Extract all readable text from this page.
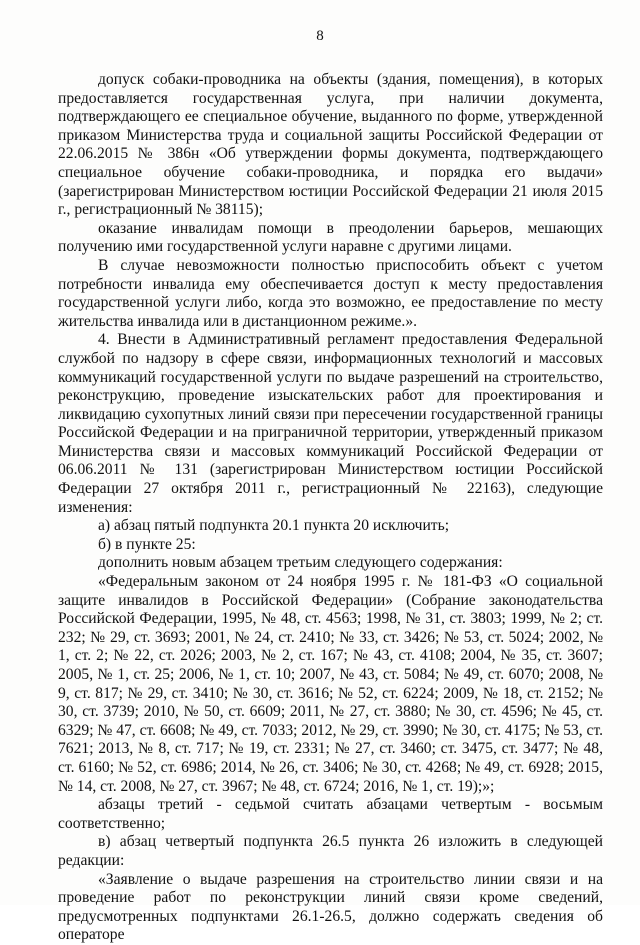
8

допуск собаки-проводника на объекты (здания, помещения), в которых предоставляется государственная услуга, при наличии документа, подтверждающего ее специальное обучение, выданного по форме, утвержденной приказом Министерства труда и социальной защиты Российской Федерации от 22.06.2015 № 386н «Об утверждении формы документа, подтверждающего специальное обучение собаки-проводника, и порядка его выдачи» (зарегистрирован Министерством юстиции Российской Федерации 21 июля 2015 г., регистрационный № 38115);

оказание инвалидам помощи в преодолении барьеров, мешающих получению ими государственной услуги наравне с другими лицами.

В случае невозможности полностью приспособить объект с учетом потребности инвалида ему обеспечивается доступ к месту предоставления государственной услуги либо, когда это возможно, ее предоставление по месту жительства инвалида или в дистанционном режиме.».

4. Внести в Административный регламент предоставления Федеральной службой по надзору в сфере связи, информационных технологий и массовых коммуникаций государственной услуги по выдаче разрешений на строительство, реконструкцию, проведение изыскательских работ для проектирования и ликвидацию сухопутных линий связи при пересечении государственной границы Российской Федерации и на приграничной территории, утвержденный приказом Министерства связи и массовых коммуникаций Российской Федерации от 06.06.2011 № 131 (зарегистрирован Министерством юстиции Российской Федерации 27 октября 2011 г., регистрационный № 22163), следующие изменения:

а) абзац пятый подпункта 20.1 пункта 20 исключить;

б) в пункте 25:

дополнить новым абзацем третьим следующего содержания:

«Федеральным законом от 24 ноября 1995 г. № 181-ФЗ «О социальной защите инвалидов в Российской Федерации» (Собрание законодательства Российской Федерации, 1995, № 48, ст. 4563; 1998, № 31, ст. 3803; 1999, № 2; ст. 232; № 29, ст. 3693; 2001, № 24, ст. 2410; № 33, ст. 3426; № 53, ст. 5024; 2002, № 1, ст. 2; № 22, ст. 2026; 2003, № 2, ст. 167; № 43, ст. 4108; 2004, № 35, ст. 3607; 2005, № 1, ст. 25; 2006, № 1, ст. 10; 2007, № 43, ст. 5084; № 49, ст. 6070; 2008, № 9, ст. 817; № 29, ст. 3410; № 30, ст. 3616; № 52, ст. 6224; 2009, № 18, ст. 2152; № 30, ст. 3739; 2010, № 50, ст. 6609; 2011, № 27, ст. 3880; № 30, ст. 4596; № 45, ст. 6329; № 47, ст. 6608; № 49, ст. 7033; 2012, № 29, ст. 3990; № 30, ст. 4175; № 53, ст. 7621; 2013, № 8, ст. 717; № 19, ст. 2331; № 27, ст. 3460; ст. 3475, ст. 3477; № 48, ст. 6160; № 52, ст. 6986; 2014, № 26, ст. 3406; № 30, ст. 4268; № 49, ст. 6928; 2015, № 14, ст. 2008, № 27, ст. 3967; № 48, ст. 6724; 2016, № 1, ст. 19);»;

абзацы третий - седьмой считать абзацами четвертым - восьмым соответственно;

в) абзац четвертый подпункта 26.5 пункта 26 изложить в следующей редакции:

«Заявление о выдаче разрешения на строительство линии связи и на проведение работ по реконструкции линий связи кроме сведений, предусмотренных подпунктами 26.1-26.5, должно содержать сведения об операторе
